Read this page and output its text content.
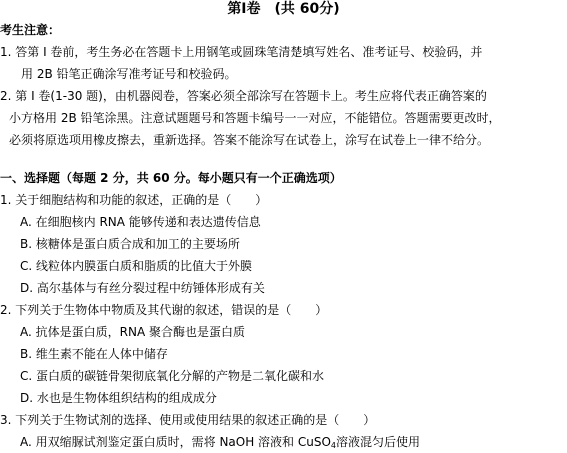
第Ⅰ卷　(共 60分)
考生注意：
1. 答第 Ⅰ 卷前，考生务必在答题卡上用钢笔或圆珠笔清楚填写姓名、准考证号、校验码，并
用 2B 铅笔正确涂写准考证号和校验码。
2. 第 Ⅰ 卷(1-30 题)，由机器阅卷，答案必须全部涂写在答题卡上。考生应将代表正确答案的
小方格用 2B 铅笔涂黑。注意试题题号和答题卡编号一一对应，不能错位。答题需要更改时，
必须将原选项用橡皮擦去，重新选择。答案不能涂写在试卷上，涂写在试卷上一律不给分。
一、选择题（每题 2 分，共 60 分。每小题只有一个正确选项）
1. 关于细胞结构和功能的叙述，正确的是（　　）
A. 在细胞核内 RNA 能够传递和表达遗传信息
B. 核糖体是蛋白质合成和加工的主要场所
C. 线粒体内膜蛋白质和脂质的比值大于外膜
D. 高尔基体与有丝分裂过程中纺锤体形成有关
2. 下列关于生物体中物质及其代谢的叙述，错误的是（　　）
A. 抗体是蛋白质，RNA 聚合酶也是蛋白质
B. 维生素不能在人体中储存
C. 蛋白质的碳链骨架彻底氧化分解的产物是二氧化碳和水
D. 水也是生物体组织结构的组成成分
3. 下列关于生物试剂的选择、使用或使用结果的叙述正确的是（　　）
A. 用双缩脲试剂鉴定蛋白质时，需将 NaOH 溶液和 CuSO$_4$溶液混匀后使用
